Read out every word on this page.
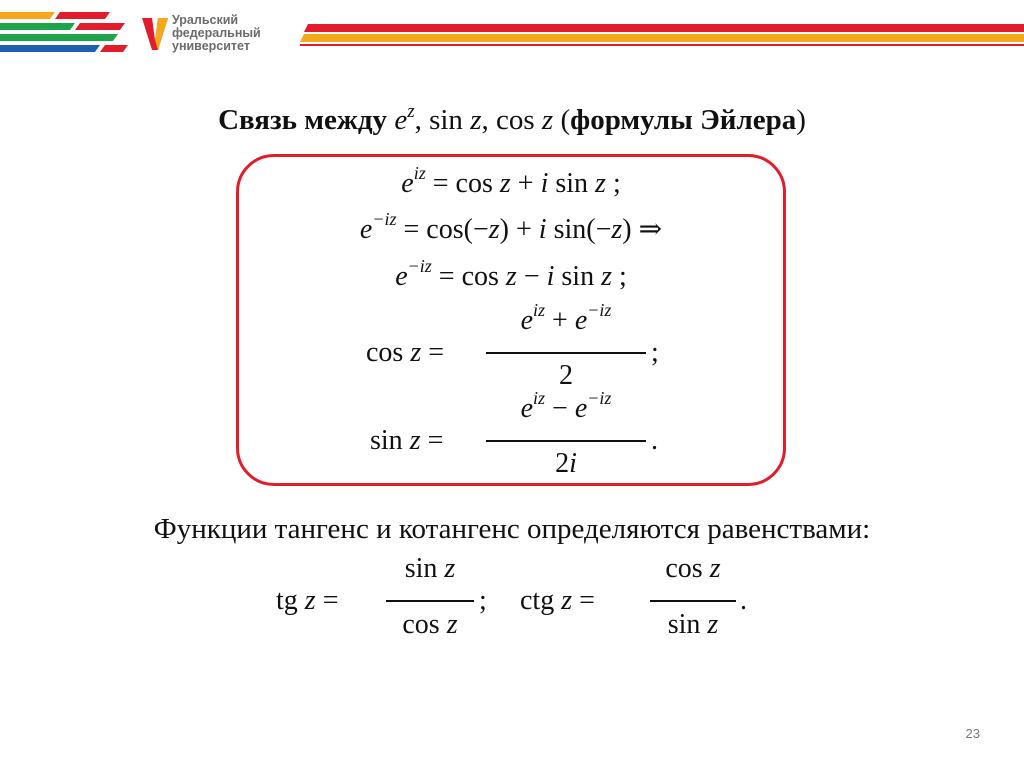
Уральский
федеральный
университет
Связь между $e^z$, sin z, cos z (формулы Эйлера)
$e^{iz} = \cos z + i$ sin z ;
$e^{-iz} = \cos(-z) + i$ sin(−z) ⇒
$e^{-iz} = \cos z - i$ sin z ;
cos z =
$e^{iz} + e^{-iz}$
2
;
sin z =
$e^{iz} - e^{-iz}$
2i
.
Функции тангенс и котангенс определяются равенствами:
tg z =
sin z
cos z
; ctg z =
cos z
sin z
.
23
